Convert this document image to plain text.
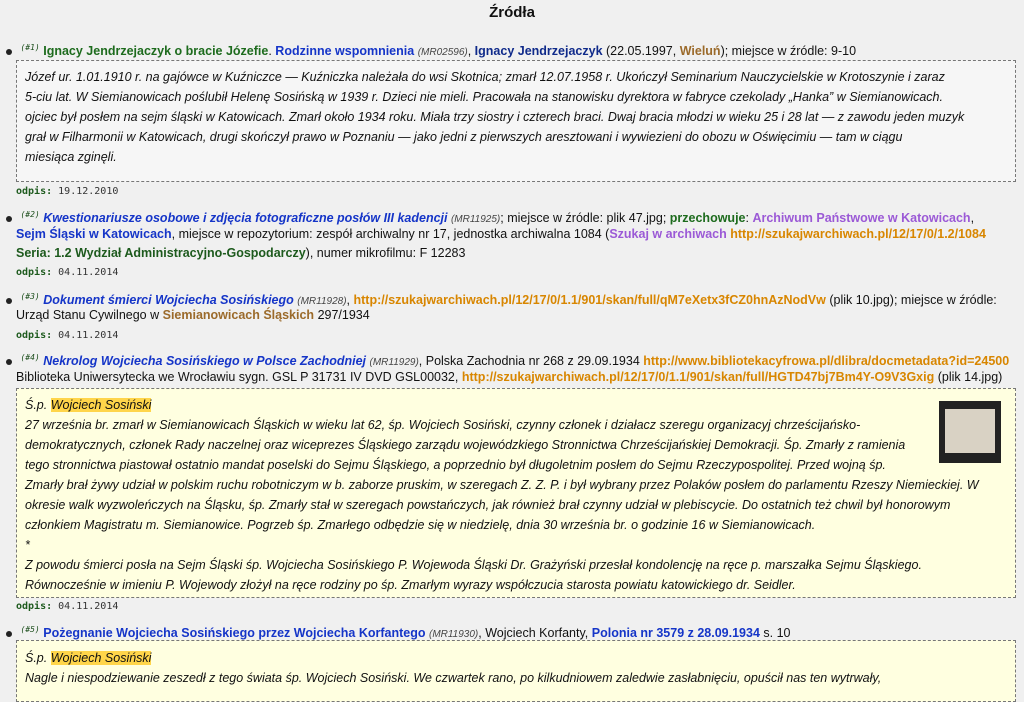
Źródła
$^{(\#1)}$ Ignacy Jendrzejaczyk o bracie Józefie. Rodzinne wspomnienia (MR02596), Ignacy Jendrzejaczyk (22.05.1997, Wieluń); miejsce w źródle: 9-10

Józef ur. 1.01.1910 r. na gajówce w Kuźniczce — Kuźniczka należała do wsi Skotnica; zmarł 12.07.1958 r. Ukończył Seminarium Nauczycielskie w Krotoszynie i zaraz

5-ciu lat. W Siemianowicach poślubił Helenę Sosińską w 1939 r. Dzieci nie mieli. Pracowała na stanowisku dyrektora w fabryce czekolady „Hanka” w Siemianowicach.

ojciec był posłem na sejm śląski w Katowicach. Zmarł około 1934 roku. Miała trzy siostry i czterech braci. Dwaj bracia młodzi w wieku 25 i 28 lat — z zawodu jeden muzyk

grał w Filharmonii w Katowicach, drugi skończył prawo w Poznaniu — jako jedni z pierwszych aresztowani i wywiezieni do obozu w Oświęcimiu — tam w ciągu

miesiąca zginęli.

odpis: 19.12.2010
$^{(\#2)}$ Kwestionariusze osobowe i zdjęcia fotograficzne posłów III kadencji (MR11925); miejsce w źródle: plik 47.jpg; przechowuje: Archiwum Państwowe w Katowicach,
Sejm Śląski w Katowicach, miejsce w repozytorium: zespół archiwalny nr 17, jednostka archiwalna 1084 (Szukaj w archiwach http://szukajwarchiwach.pl/12/17/0/1.2/1084
Seria: 1.2 Wydział Administracyjno-Gospodarczy), numer mikrofilmu: F 12283
odpis: 04.11.2014
$^{(\#3)}$ Dokument śmierci Wojciecha Sosińskiego (MR11928), http://szukajwarchiwach.pl/12/17/0/1.1/901/skan/full/qM7eXetx3fCZ0hnAzNodVw (plik 10.jpg); miejsce w źródle:
Urząd Stanu Cywilnego w Siemianowicach Śląskich 297/1934
odpis: 04.11.2014
$^{(\#4)}$ Nekrolog Wojciecha Sosińskiego w Polsce Zachodniej (MR11929), Polska Zachodnia nr 268 z 29.09.1934 http://www.bibliotekacyfrowa.pl/dlibra/docmetadata?id=24500
Biblioteka Uniwersytecka we Wrocławiu sygn. GSL P 31731 IV DVD GSL00032, http://szukajwarchiwach.pl/12/17/0/1.1/901/skan/full/HGTD47bj7Bm4Y-O9V3Gxig (plik 14.jpg)

Ś.p. Wojciech Sosiński

27 września br. zmarł w Siemianowicach Śląskich w wieku lat 62, śp. Wojciech Sosiński, czynny członek i działacz szeregu organizacyj chrześcijańsko-

demokratycznych, członek Rady naczelnej oraz wiceprezes Śląskiego zarządu wojewódzkiego Stronnictwa Chrześcijańskiej Demokracji. Śp. Zmarły z ramienia

tego stronnictwa piastował ostatnio mandat poselski do Sejmu Śląskiego, a poprzednio był długoletnim posłem do Sejmu Rzeczypospolitej. Przed wojną śp.

Zmarły brał żywy udział w polskim ruchu robotniczym w b. zaborze pruskim, w szeregach Z. Z. P. i był wybrany przez Polaków posłem do parlamentu Rzeszy Niemieckiej. W

okresie walk wyzwoleńczych na Śląsku, śp. Zmarły stał w szeregach powstańczych, jak również brał czynny udział w plebiscycie. Do ostatnich też chwil był honorowym

członkiem Magistratu m. Siemianowice. Pogrzeb śp. Zmarłego odbędzie się w niedzielę, dnia 30 września br. o godzinie 16 w Siemianowicach.

*

Z powodu śmierci posła na Sejm Śląski śp. Wojciecha Sosińskiego P. Wojewoda Śląski Dr. Grażyński przesłał kondolencję na ręce p. marszałka Sejmu Śląskiego.

Równocześnie w imieniu P. Wojewody złożył na ręce rodziny po śp. Zmarłym wyrazy współczucia starosta powiatu katowickiego dr. Seidler.

odpis: 04.11.2014
$^{(\#5)}$ Pożegnanie Wojciecha Sosińskiego przez Wojciecha Korfantego (MR11930), Wojciech Korfanty, Polonia nr 3579 z 28.09.1934 s. 10

Ś.p. Wojciech Sosiński

Nagle i niespodziewanie zeszedł z tego świata śp. Wojciech Sosiński. We czwartek rano, po kilkudniowem zaledwie zasłabnięciu, opuścił nas ten wytrwały,
